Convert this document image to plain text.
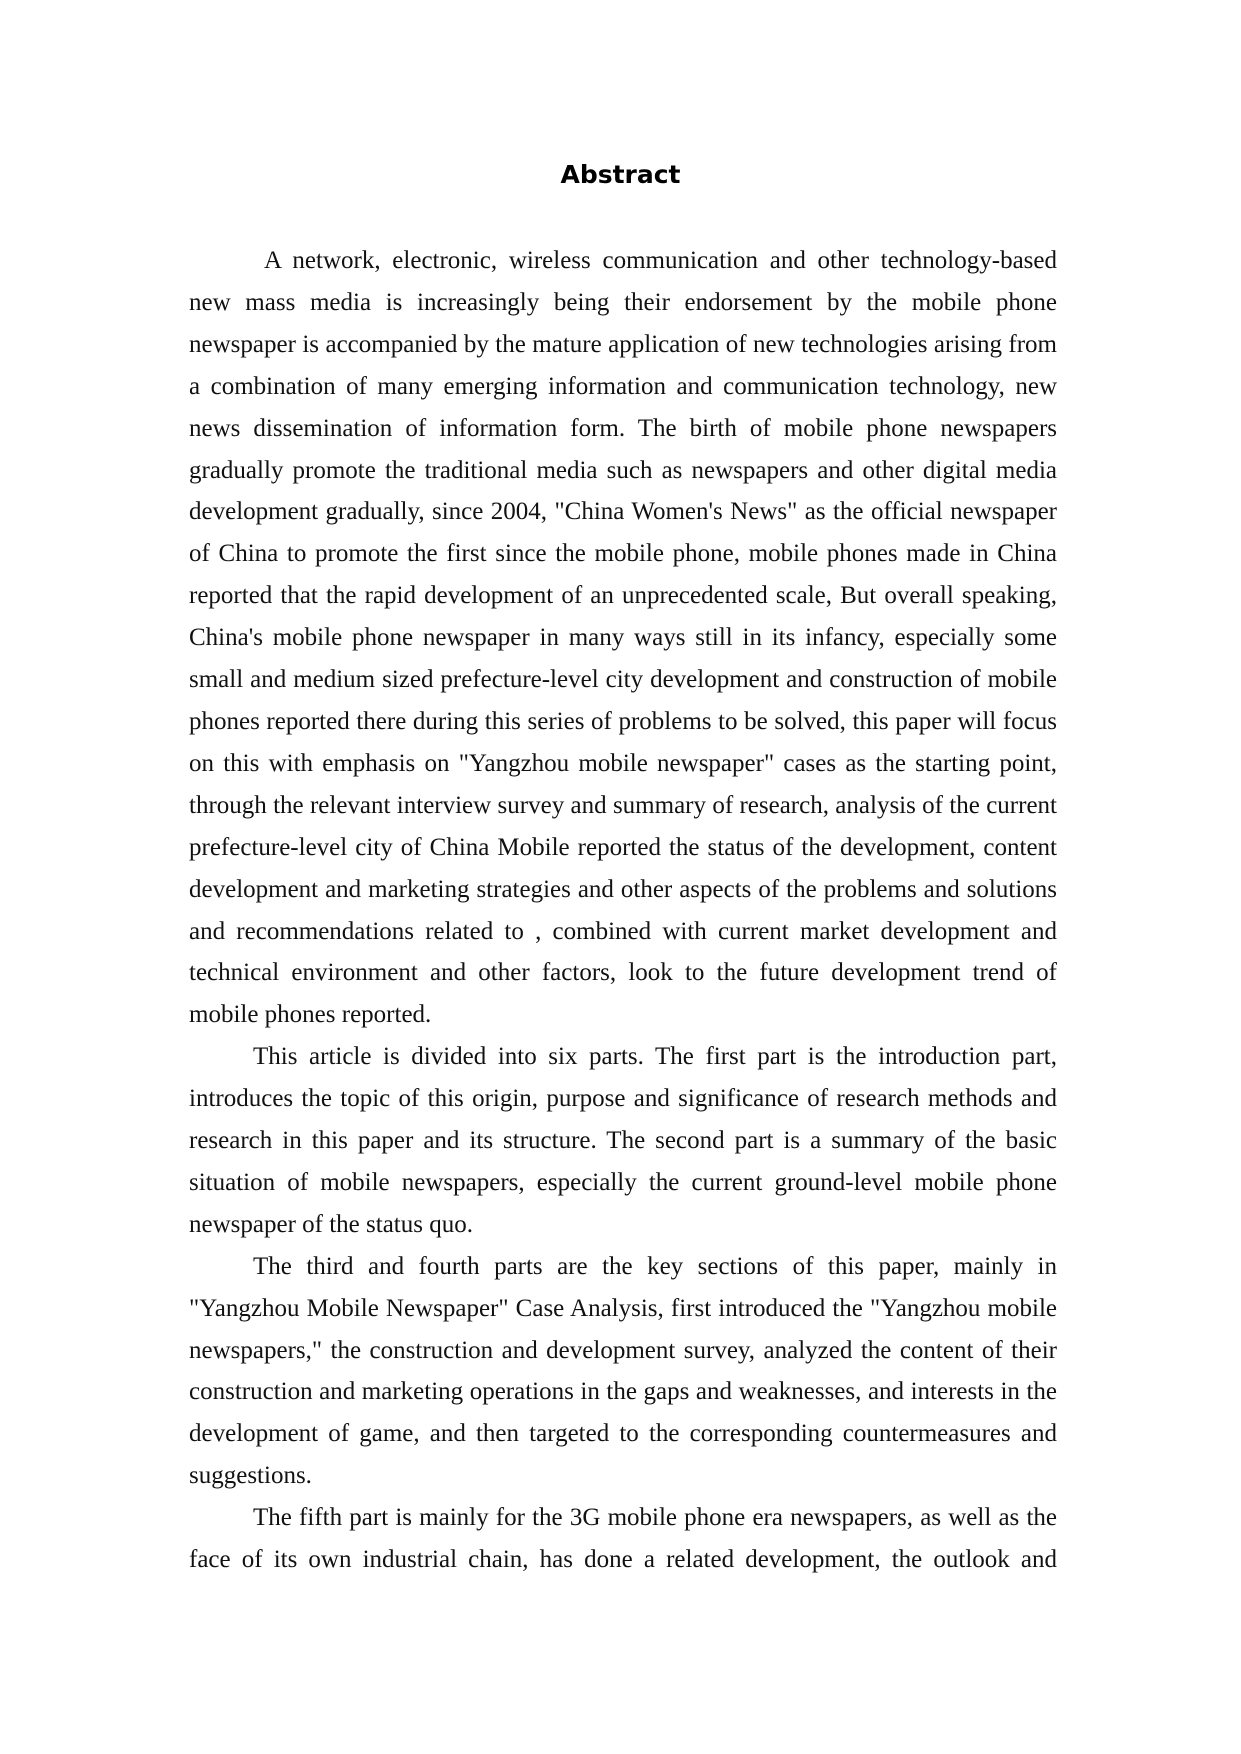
Abstract

A network, electronic, wireless communication and other technology-based new mass media is increasingly being their endorsement by the mobile phone newspaper is accompanied by the mature application of new technologies arising from a combination of many emerging information and communication technology, new news dissemination of information form. The birth of mobile phone newspapers gradually promote the traditional media such as newspapers and other digital media development gradually, since 2004, "China Women's News" as the official newspaper of China to promote the first since the mobile phone, mobile phones made in China reported that the rapid development of an unprecedented scale, But overall speaking, China's mobile phone newspaper in many ways still in its infancy, especially some small and medium sized prefecture-level city development and construction of mobile phones reported there during this series of problems to be solved, this paper will focus on this with emphasis on "Yangzhou mobile newspaper" cases as the starting point, through the relevant interview survey and summary of research, analysis of the current prefecture-level city of China Mobile reported the status of the development, content development and marketing strategies and other aspects of the problems and solutions and recommendations related to , combined with current market development and technical environment and other factors, look to the future development trend of mobile phones reported.

This article is divided into six parts. The first part is the introduction part, introduces the topic of this origin, purpose and significance of research methods and research in this paper and its structure. The second part is a summary of the basic situation of mobile newspapers, especially the current ground-level mobile phone newspaper of the status quo.

The third and fourth parts are the key sections of this paper, mainly in "Yangzhou Mobile Newspaper" Case Analysis, first introduced the "Yangzhou mobile newspapers," the construction and development survey, analyzed the content of their construction and marketing operations in the gaps and weaknesses, and interests in the development of game, and then targeted to the corresponding countermeasures and suggestions.

The fifth part is mainly for the 3G mobile phone era newspapers, as well as the face of its own industrial chain, has done a related development, the outlook and
